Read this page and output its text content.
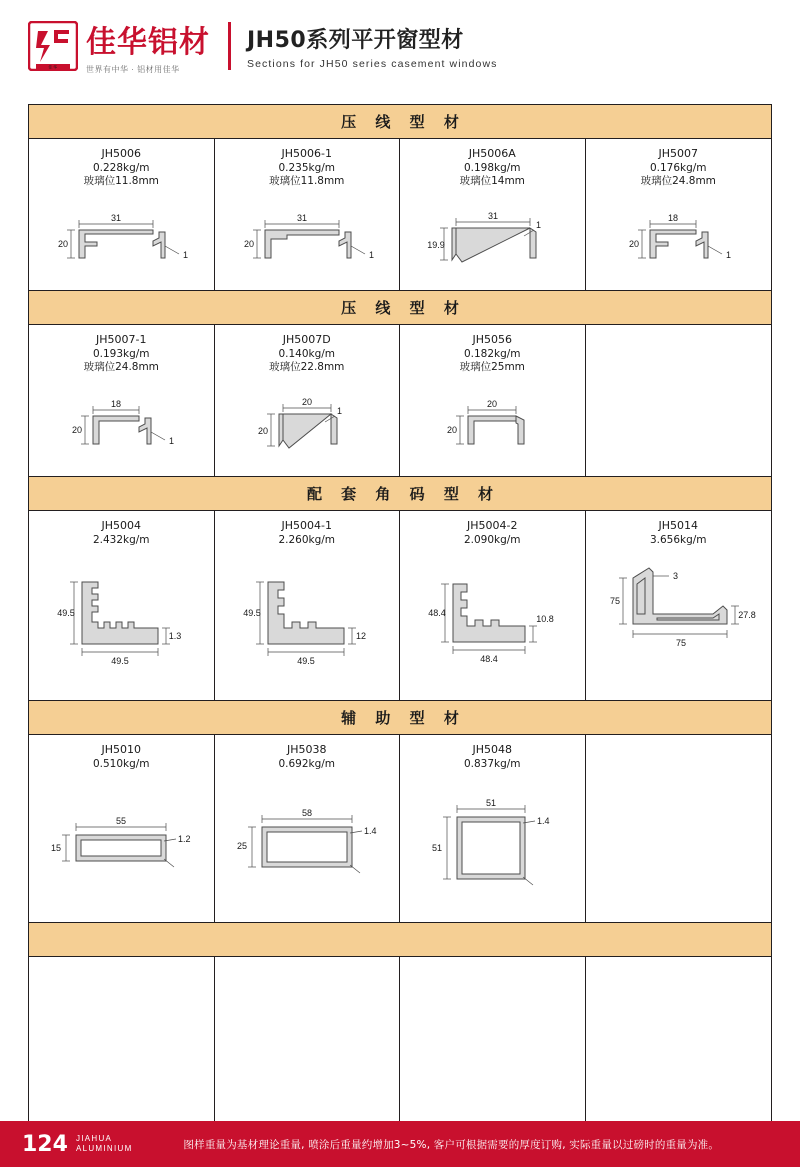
佳华
佳华铝材
世界有中华 · 铝材用佳华
JH50系列平开窗型材
Sections for JH50 series casement windows
压 线 型 材
JH5006
0.228kg/m
玻璃位11.8mm
31
20
1
JH5006-1
0.235kg/m
玻璃位11.8mm
31
20
1
JH5006A
0.198kg/m
玻璃位14mm
31
19.9
1
JH5007
0.176kg/m
玻璃位24.8mm
18
20
1
压 线 型 材
JH5007-1
0.193kg/m
玻璃位24.8mm
18
20
1
JH5007D
0.140kg/m
玻璃位22.8mm
20
20
1
JH5056
0.182kg/m
玻璃位25mm
20
20
配 套 角 码 型 材
JH5004
2.432kg/m
49.5
49.5
1.3
JH5004-1
2.260kg/m
49.5
49.5
12
JH5004-2
2.090kg/m
48.4
48.4
10.8
JH5014
3.656kg/m
3
75
75
27.8
辅 助 型 材
JH5010
0.510kg/m
55
15
1.2
JH5038
0.692kg/m
58
25
1.4
JH5048
0.837kg/m
51
51
1.4
124 JIAHUA
ALUMINIUM	图样重量为基材理论重量, 喷涂后重量约增加3~5%, 客户可根据需要的厚度订购, 实际重量以过磅时的重量为准。
